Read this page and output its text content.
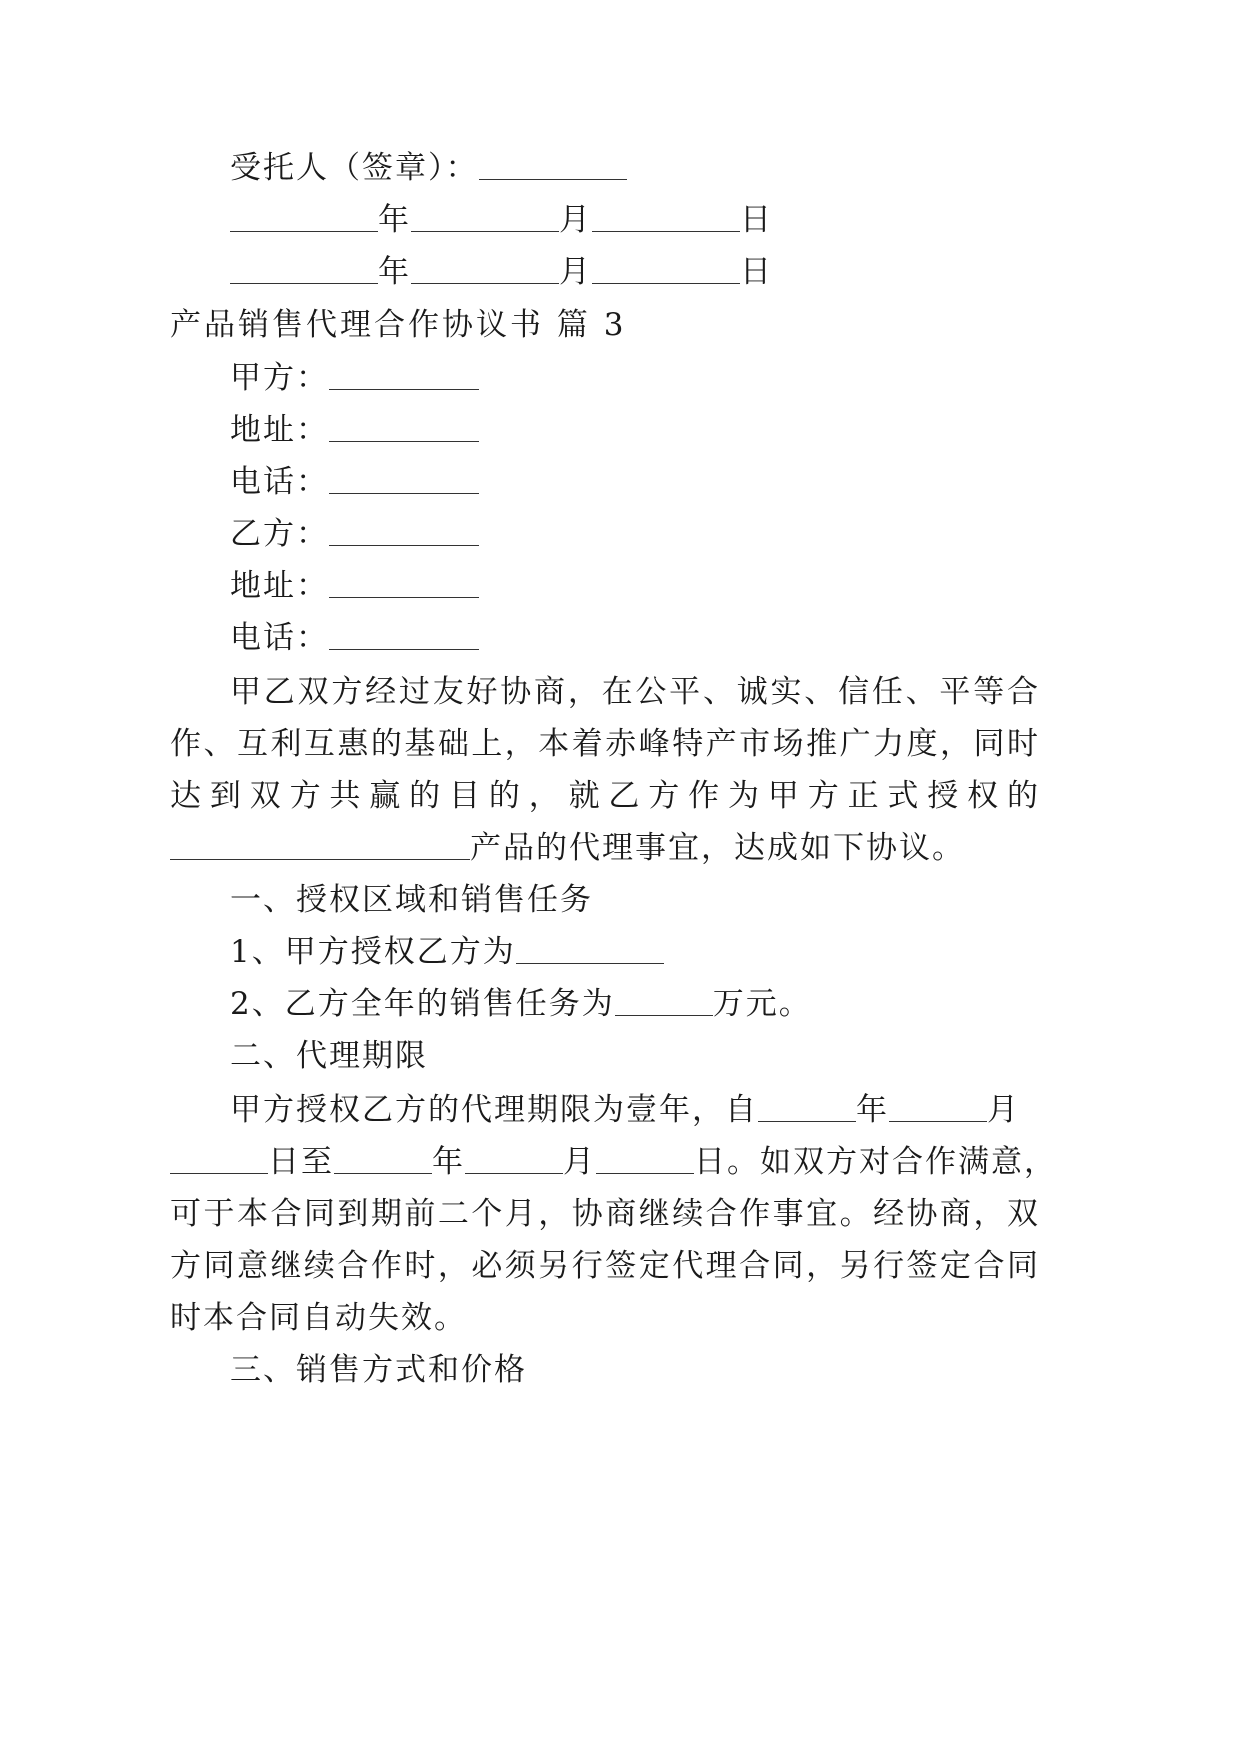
受托人（签章）：
年	月	日
年	月	日
产品销售代理合作协议书 篇 3
甲方：
地址：
电话：
乙方：
地址：
电话：
甲乙双方经过友好协商，在公平、诚实、信任、平等合
作、互利互惠的基础上，本着赤峰特产市场推广力度，同时
达到双方共赢的目的，就乙方作为甲方正式授权的
产品的代理事宜，达成如下协议。
一、授权区域和销售任务
1、甲方授权乙方为
2、乙方全年的销售任务为	万元。
二、代理期限
甲方授权乙方的代理期限为壹年，自	年	月
日至	年	月	日。如双方对合作满意，
可于本合同到期前二个月，协商继续合作事宜。经协商，双
方同意继续合作时，必须另行签定代理合同，另行签定合同
时本合同自动失效。
三、销售方式和价格
